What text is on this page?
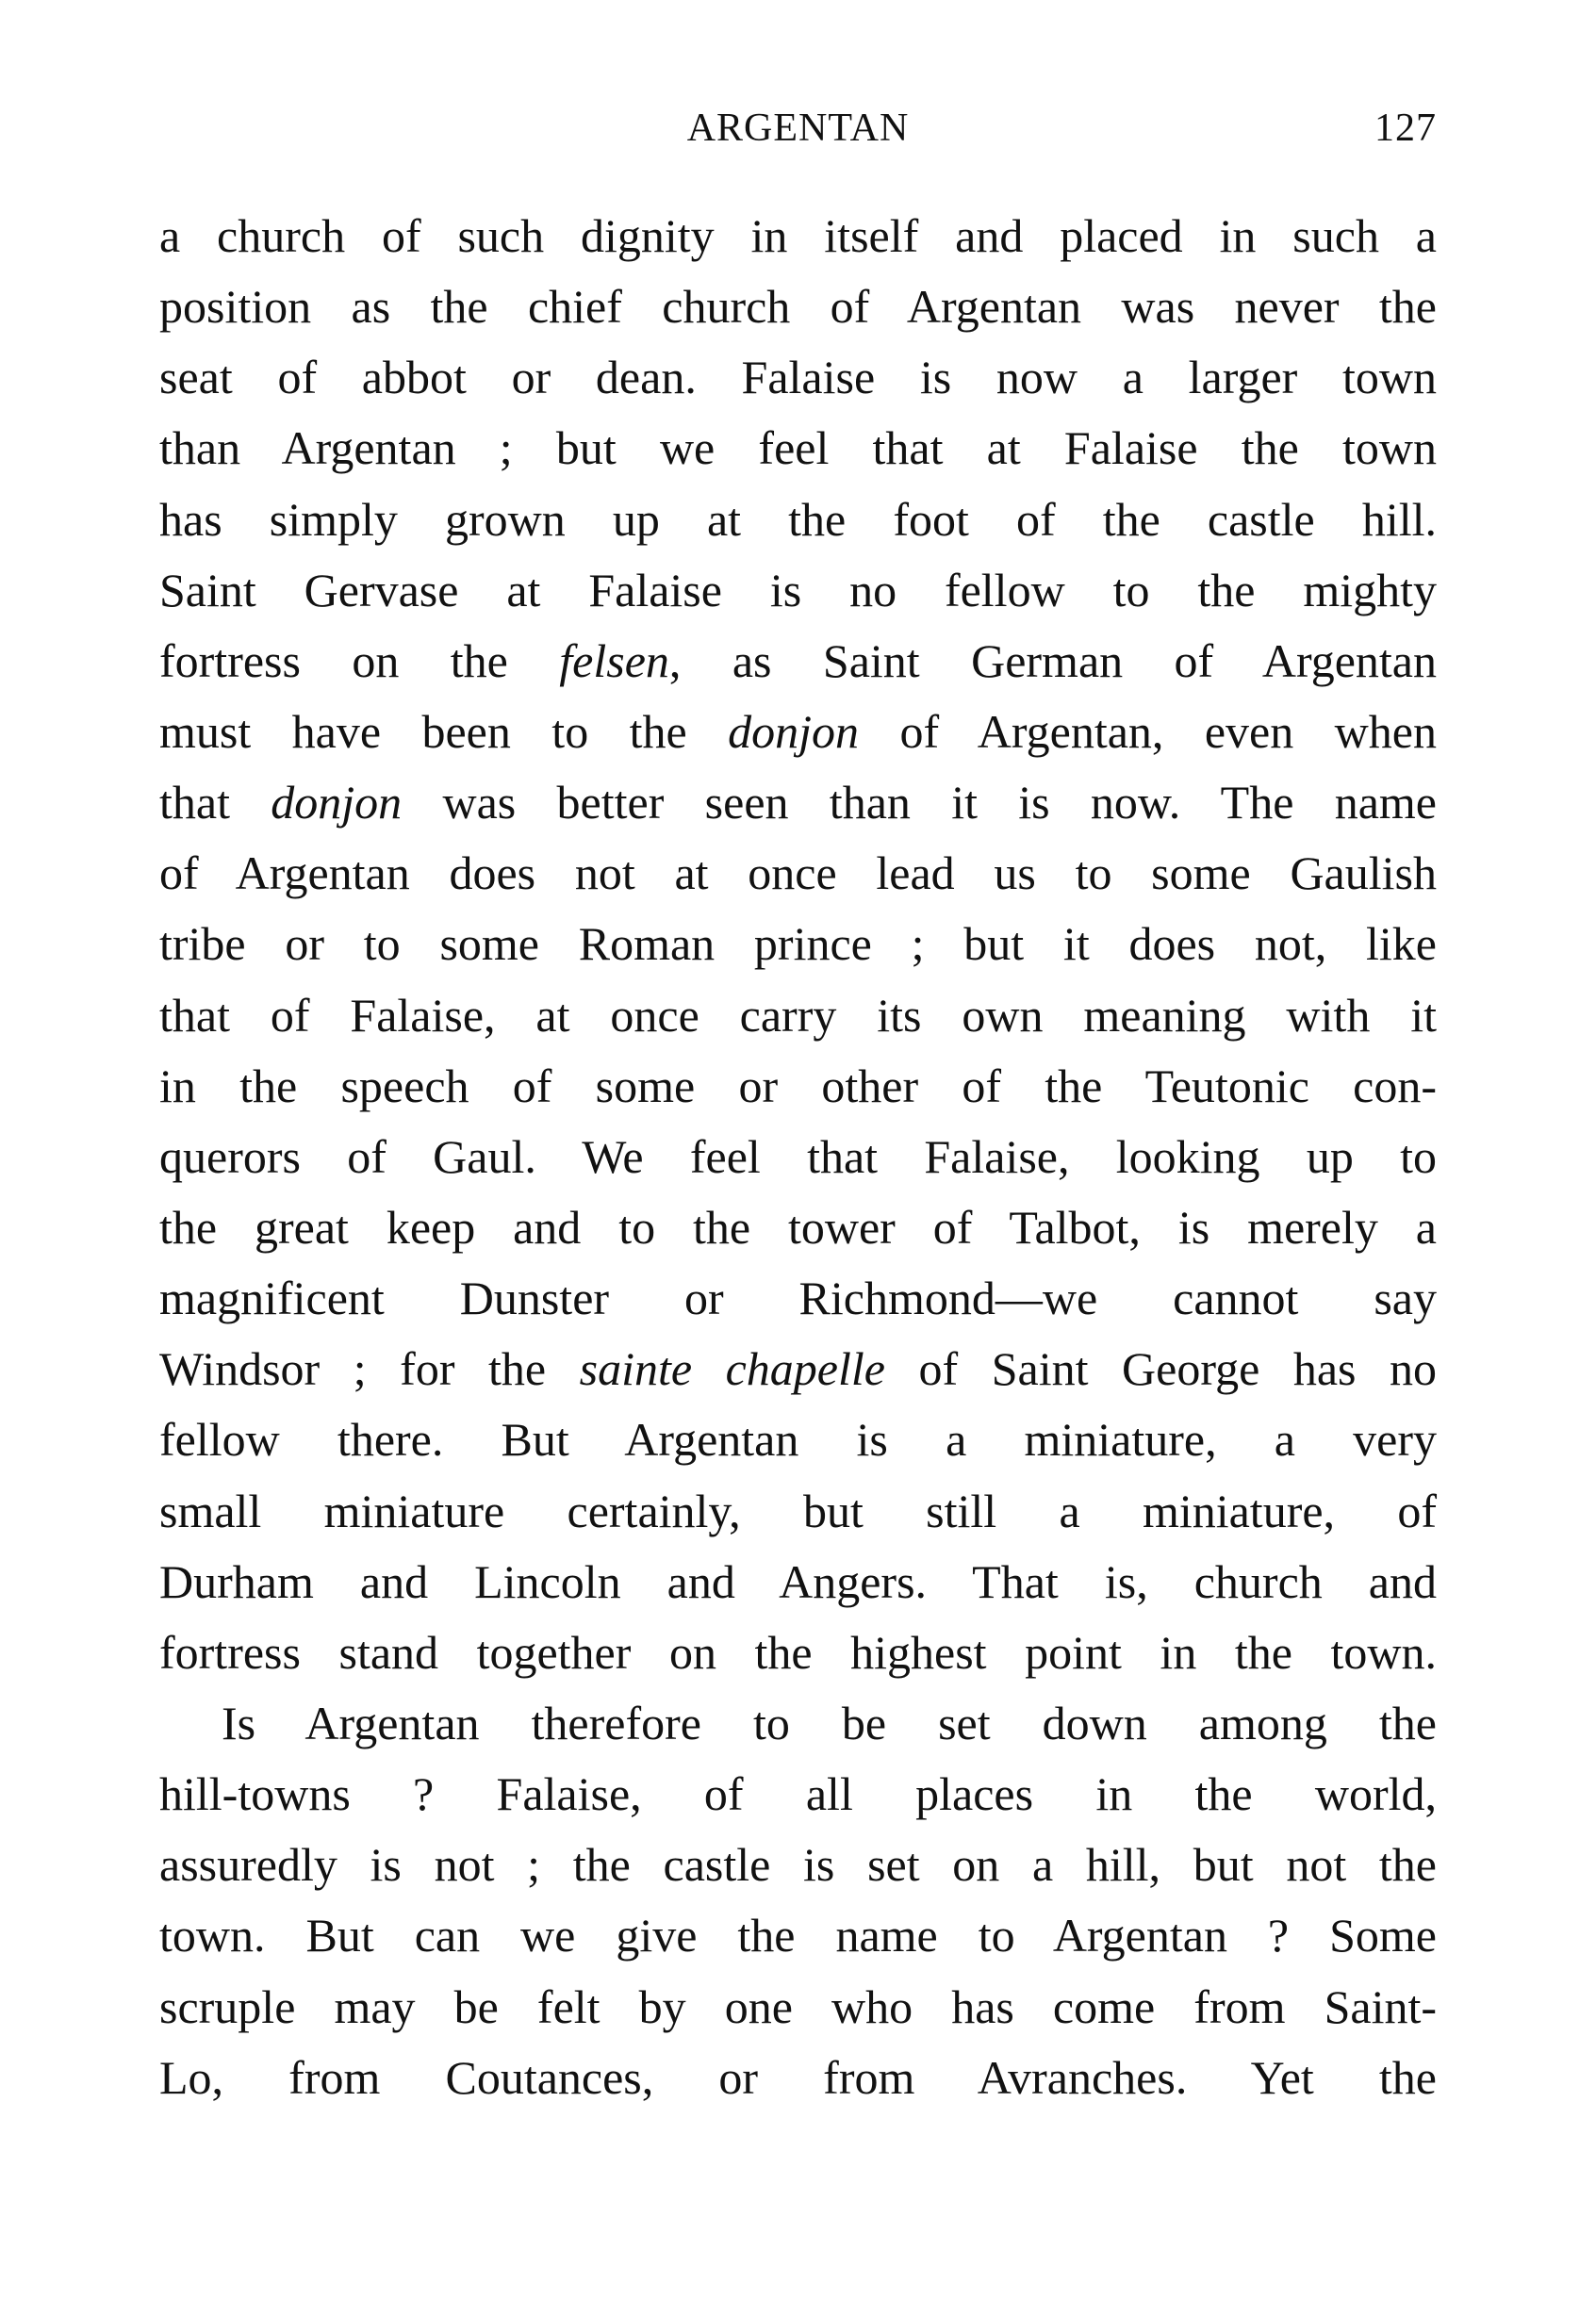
ARGENTAN	127
a church of such dignity in itself and placed in such a
position as the chief church of Argentan was never the
seat of abbot or dean. Falaise is now a larger town
than Argentan ; but we feel that at Falaise the town
has simply grown up at the foot of the castle hill.
Saint Gervase at Falaise is no fellow to the mighty
fortress on the felsen, as Saint German of Argentan
must have been to the donjon of Argentan, even when
that donjon was better seen than it is now. The name
of Argentan does not at once lead us to some Gaulish
tribe or to some Roman prince ; but it does not, like
that of Falaise, at once carry its own meaning with it
in the speech of some or other of the Teutonic con-
querors of Gaul. We feel that Falaise, looking up to
the great keep and to the tower of Talbot, is merely a
magnificent Dunster or Richmond—we cannot say
Windsor ; for the sainte chapelle of Saint George has no
fellow there. But Argentan is a miniature, a very
small miniature certainly, but still a miniature, of
Durham and Lincoln and Angers. That is, church and
fortress stand together on the highest point in the town.
Is Argentan therefore to be set down among the
hill-towns ? Falaise, of all places in the world,
assuredly is not ; the castle is set on a hill, but not the
town. But can we give the name to Argentan ? Some
scruple may be felt by one who has come from Saint-
Lo, from Coutances, or from Avranches. Yet the
